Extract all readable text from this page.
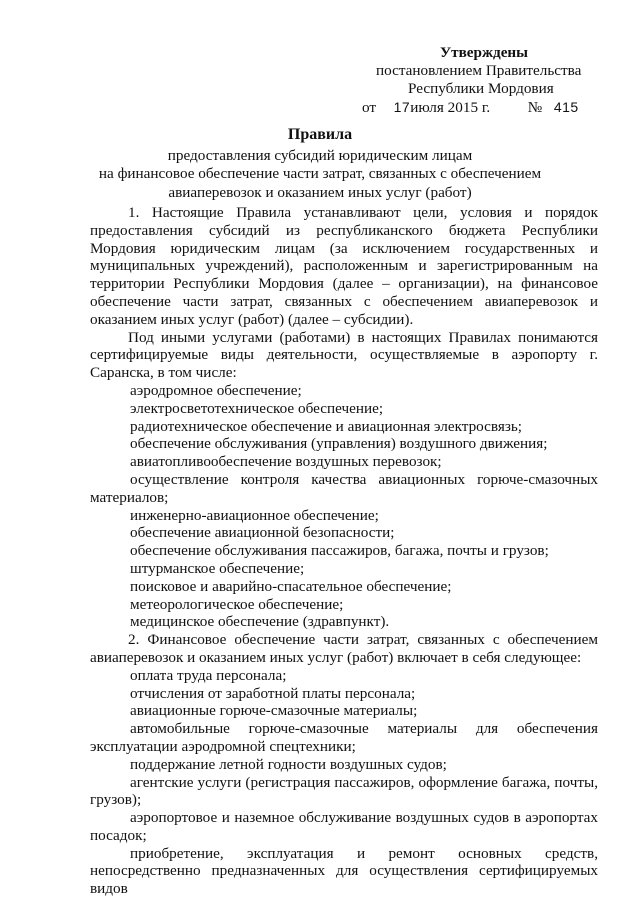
Утверждены
постановлением Правительства
Республики Мордовия
от 17июля 2015 г. № 415
Правила
предоставления субсидий юридическим лицам
на финансовое обеспечение части затрат, связанных с обеспечением
авиаперевозок и оказанием иных услуг (работ)

1. Настоящие Правила устанавливают цели, условия и порядок предоставления субсидий из республиканского бюджета Республики Мордовия юридическим лицам (за исключением государственных и муниципальных учреждений), расположенным и зарегистрированным на территории Республики Мордовия (далее – организации), на финансовое обеспечение части затрат, связанных с обеспечением авиаперевозок и оказанием иных услуг (работ) (далее – субсидии).

Под иными услугами (работами) в настоящих Правилах понимаются сертифицируемые виды деятельности, осуществляемые в аэропорту г. Саранска, в том числе:

аэродромное обеспечение;

электросветотехническое обеспечение;

радиотехническое обеспечение и авиационная электросвязь;

обеспечение обслуживания (управления) воздушного движения;

авиатопливообеспечение воздушных перевозок;

осуществление контроля качества авиационных горюче-смазочных материалов;

инженерно-авиационное обеспечение;

обеспечение авиационной безопасности;

обеспечение обслуживания пассажиров, багажа, почты и грузов;

штурманское обеспечение;

поисковое и аварийно-спасательное обеспечение;

метеорологическое обеспечение;

медицинское обеспечение (здравпункт).

2. Финансовое обеспечение части затрат, связанных с обеспечением авиаперевозок и оказанием иных услуг (работ) включает в себя следующее:

оплата труда персонала;

отчисления от заработной платы персонала;

авиационные горюче-смазочные материалы;

автомобильные горюче-смазочные материалы для обеспечения эксплуатации аэродромной спецтехники;

поддержание летной годности воздушных судов;

агентские услуги (регистрация пассажиров, оформление багажа, почты, грузов);

аэропортовое и наземное обслуживание воздушных судов в аэропортах посадок;

приобретение, эксплуатация и ремонт основных средств, непосредственно предназначенных для осуществления сертифицируемых видов
